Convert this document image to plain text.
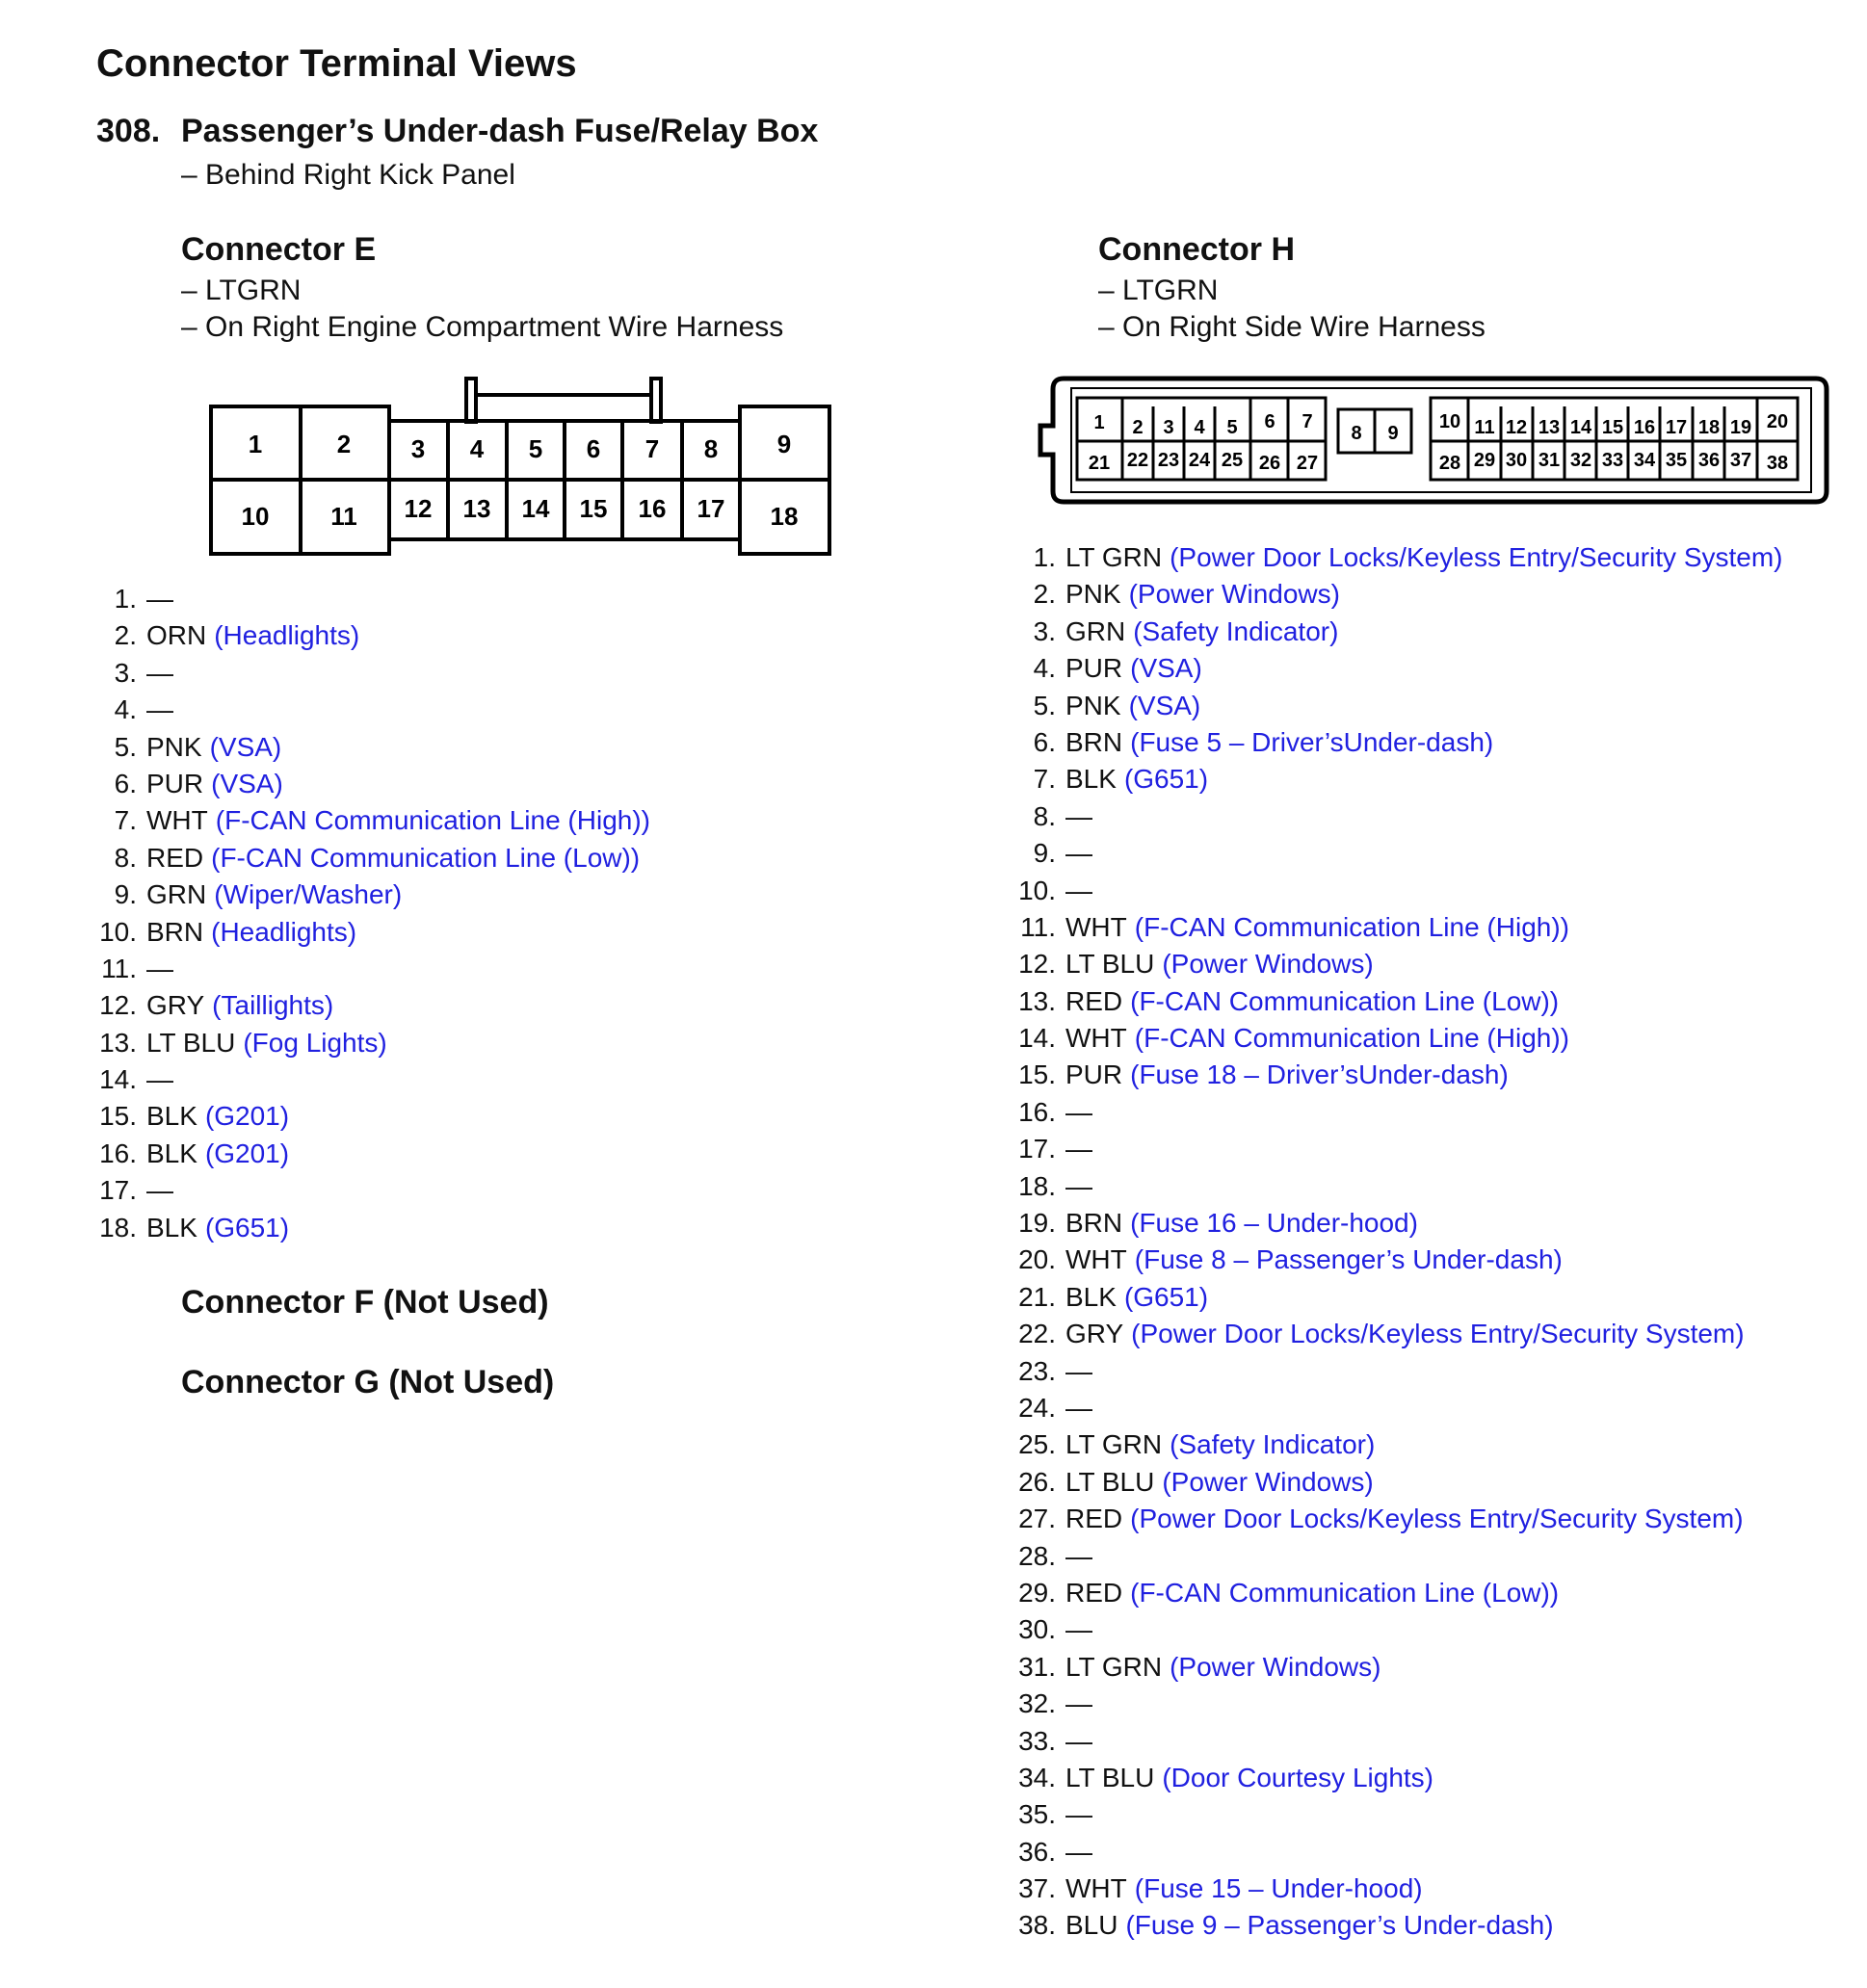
Connector Terminal Views
308. Passenger’s Under-dash Fuse/Relay Box
– Behind Right Kick Panel
Connector E
– LTGRN
– On Right Engine Compartment Wire Harness
1	2 3 4 5 6 7 8 9
10 11 12 13 14 15 16 17 18
1. —
2. ORN (Headlights)
3. —
4. —
5. PNK (VSA)
6. PUR (VSA)
7. WHT (F-CAN Communication Line (High))
8. RED (F-CAN Communication Line (Low))
9. GRN (Wiper/Washer)
10. BRN (Headlights)
11. —
12. GRY (Taillights)
13. LT BLU (Fog Lights)
14. —
15. BLK (G201)
16. BLK (G201)
17. —
18. BLK (G651)
Connector F (Not Used)
Connector G (Not Used)
Connector H
– LTGRN
– On Right Side Wire Harness
1 2 3 4 5 6 7
8 9
10 11 12 13 14 15 16 17 18 19 20
21 22 23 24 25 26 27	28 29 30 31 32 33 34 35 36 37 38
1. LT GRN (Power Door Locks/Keyless Entry/Security System)
2. PNK (Power Windows)
3. GRN (Safety Indicator)
4. PUR (VSA)
5. PNK (VSA)
6. BRN (Fuse 5 – Driver’sUnder-dash)
7. BLK (G651)
8. —
9. —
10. —
11. WHT (F-CAN Communication Line (High))
12. LT BLU (Power Windows)
13. RED (F-CAN Communication Line (Low))
14. WHT (F-CAN Communication Line (High))
15. PUR (Fuse 18 – Driver’sUnder-dash)
16. —
17. —
18. —
19. BRN (Fuse 16 – Under-hood)
20. WHT (Fuse 8 – Passenger’s Under-dash)
21. BLK (G651)
22. GRY (Power Door Locks/Keyless Entry/Security System)
23. —
24. —
25. LT GRN (Safety Indicator)
26. LT BLU (Power Windows)
27. RED (Power Door Locks/Keyless Entry/Security System)
28. —
29. RED (F-CAN Communication Line (Low))
30. —
31. LT GRN (Power Windows)
32. —
33. —
34. LT BLU (Door Courtesy Lights)
35. —
36. —
37. WHT (Fuse 15 – Under-hood)
38. BLU (Fuse 9 – Passenger’s Under-dash)
